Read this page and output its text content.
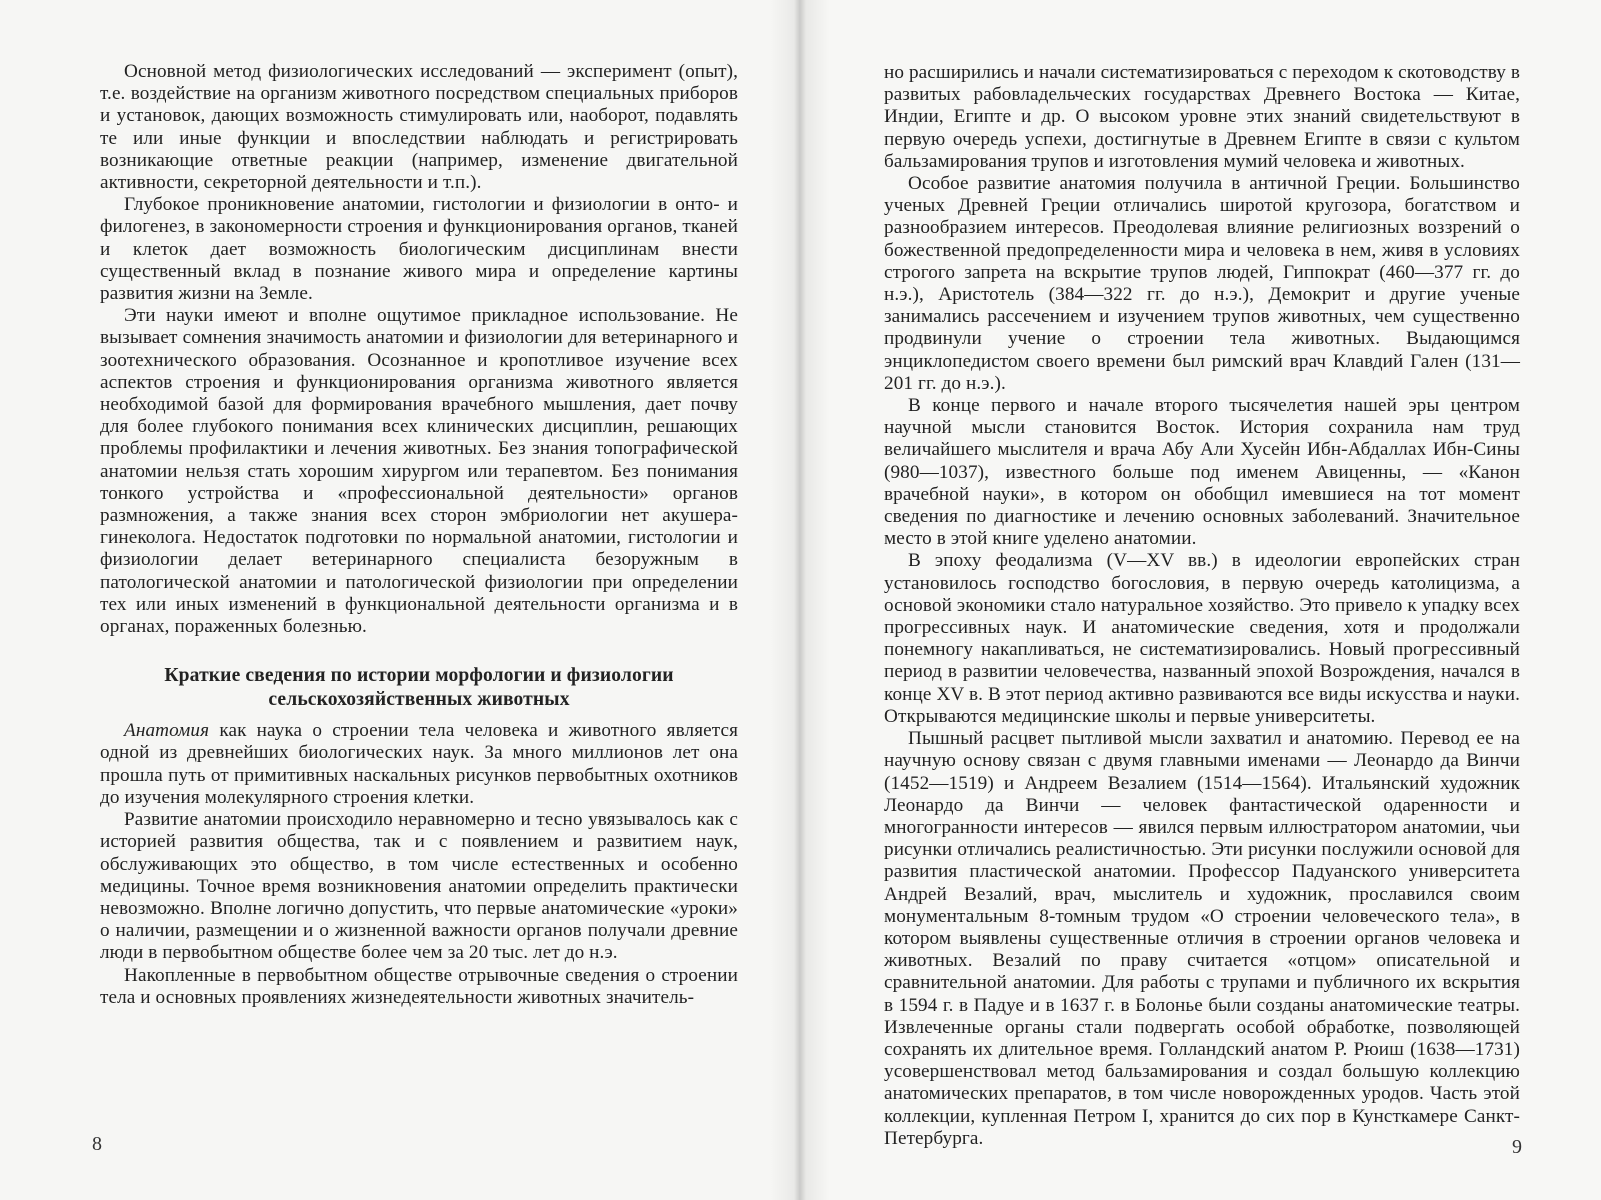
Основной метод физиологических исследований — эксперимент (опыт), т.е. воздействие на организм животного посредством специальных приборов и установок, дающих возможность стимулировать или, наоборот, подавлять те или иные функции и впоследствии наблюдать и регистрировать возникающие ответные реакции (например, изменение двигательной активности, секреторной деятельности и т.п.).

Глубокое проникновение анатомии, гистологии и физиологии в онто- и филогенез, в закономерности строения и функционирования органов, тканей и клеток дает возможность биологическим дисциплинам внести существенный вклад в познание живого мира и определение картины развития жизни на Земле.

Эти науки имеют и вполне ощутимое прикладное использование. Не вызывает сомнения значимость анатомии и физиологии для ветеринарного и зоотехнического образования. Осознанное и кропотливое изучение всех аспектов строения и функционирования организма животного является необходимой базой для формирования врачебного мышления, дает почву для более глубокого понимания всех клинических дисциплин, решающих проблемы профилактики и лечения животных. Без знания топографической анатомии нельзя стать хорошим хирургом или терапевтом. Без понимания тонкого устройства и «профессиональной деятельности» органов размножения, а также знания всех сторон эмбриологии нет акушера-гинеколога. Недостаток подготовки по нормальной анатомии, гистологии и физиологии делает ветеринарного специалиста безоружным в патологической анатомии и патологической физиологии при определении тех или иных изменений в функциональной деятельности организма и в органах, пораженных болезнью.

Краткие сведения по истории морфологии и физиологии
сельскохозяйственных животных

Анатомия как наука о строении тела человека и животного является одной из древнейших биологических наук. За много миллионов лет она прошла путь от примитивных наскальных рисунков первобытных охотников до изучения молекулярного строения клетки.

Развитие анатомии происходило неравномерно и тесно увязывалось как с историей развития общества, так и с появлением и развитием наук, обслуживающих это общество, в том числе естественных и особенно медицины. Точное время возникновения анатомии определить практически невозможно. Вполне логично допустить, что первые анатомические «уроки» о наличии, размещении и о жизненной важности органов получали древние люди в первобытном обществе более чем за 20 тыс. лет до н.э.

Накопленные в первобытном обществе отрывочные сведения о строении тела и основных проявлениях жизнедеятельности животных значитель-

8	9

но расширились и начали систематизироваться с переходом к скотоводству в развитых рабовладельческих государствах Древнего Востока — Китае, Индии, Египте и др. О высоком уровне этих знаний свидетельствуют в первую очередь успехи, достигнутые в Древнем Египте в связи с культом бальзамирования трупов и изготовления мумий человека и животных.

Особое развитие анатомия получила в античной Греции. Большинство ученых Древней Греции отличались широтой кругозора, богатством и разнообразием интересов. Преодолевая влияние религиозных воззрений о божественной предопределенности мира и человека в нем, живя в условиях строгого запрета на вскрытие трупов людей, Гиппократ (460—377 гг. до н.э.), Аристотель (384—322 гг. до н.э.), Демокрит и другие ученые занимались рассечением и изучением трупов животных, чем существенно продвинули учение о строении тела животных. Выдающимся энциклопедистом своего времени был римский врач Клавдий Гален (131—201 гг. до н.э.).

В конце первого и начале второго тысячелетия нашей эры центром научной мысли становится Восток. История сохранила нам труд величайшего мыслителя и врача Абу Али Хусейн Ибн-Абдаллах Ибн-Сины (980—1037), известного больше под именем Авиценны, — «Канон врачебной науки», в котором он обобщил имевшиеся на тот момент сведения по диагностике и лечению основных заболеваний. Значительное место в этой книге уделено анатомии.

В эпоху феодализма (V—XV вв.) в идеологии европейских стран установилось господство богословия, в первую очередь католицизма, а основой экономики стало натуральное хозяйство. Это привело к упадку всех прогрессивных наук. И анатомические сведения, хотя и продолжали понемногу накапливаться, не систематизировались. Новый прогрессивный период в развитии человечества, названный эпохой Возрождения, начался в конце XV в. В этот период активно развиваются все виды искусства и науки. Открываются медицинские школы и первые университеты.

Пышный расцвет пытливой мысли захватил и анатомию. Перевод ее на научную основу связан с двумя главными именами — Леонардо да Винчи (1452—1519) и Андреем Везалием (1514—1564). Итальянский художник Леонардо да Винчи — человек фантастической одаренности и многогранности интересов — явился первым иллюстратором анатомии, чьи рисунки отличались реалистичностью. Эти рисунки послужили основой для развития пластической анатомии. Профессор Падуанского университета Андрей Везалий, врач, мыслитель и художник, прославился своим монументальным 8-томным трудом «О строении человеческого тела», в котором выявлены существенные отличия в строении органов человека и животных. Везалий по праву считается «отцом» описательной и сравнительной анатомии. Для работы с трупами и публичного их вскрытия в 1594 г. в Падуе и в 1637 г. в Болонье были созданы анатомические театры. Извлеченные органы стали подвергать особой обработке, позволяющей сохранять их длительное время. Голландский анатом Р. Рюиш (1638—1731) усовершенствовал метод бальзамирования и создал большую коллекцию анатомических препаратов, в том числе новорожденных уродов. Часть этой коллекции, купленная Петром I, хранится до сих пор в Кунсткамере Санкт-Петербурга.
